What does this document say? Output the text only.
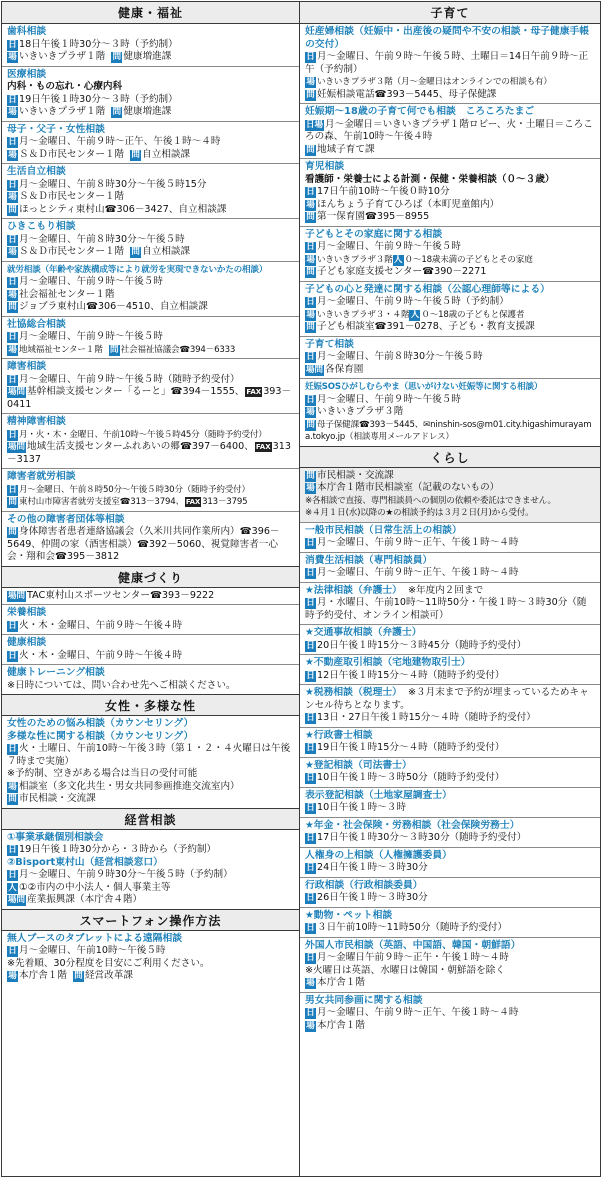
健康・福祉
歯科相談
日 18日午後１時30分～３時（予約制）
場 いきいきプラザ１階 問 健康増進課
医療相談
内科・もの忘れ・心療内科
日 19日午後１時30分～３時（予約制）
場 いきいきプラザ１階 問 健康増進課
母子・父子・女性相談
日 月～金曜日、午前９時～正午、午後１時～４時
場 Ｓ＆Ｄ市民センター１階 問 自立相談課
生活自立相談
日 月～金曜日、午前８時30分～午後５時15分
場 Ｓ＆Ｄ市民センター１階
問 ほっとシティ東村山☎306－3427、自立相談課
ひきこもり相談
日 月～金曜日、午前８時30分～午後５時
場 Ｓ＆Ｄ市民センター１階 問 自立相談課
就労相談（年齢や家族構成等により就労を実現できないかたの相談）
日 月～金曜日、午前９時～午後５時
場 社会福祉センター１階
問 ジョブラ東村山☎306－4510、自立相談課
社協総合相談
日 月～金曜日、午前９時～午後５時
場 地域福祉センター１階 問 社会福祉協議会☎394－6333
障害相談
日 月～金曜日、午前９時～午後５時（随時予約受付）
場問 基幹相談支援センター「るーと」☎394－1555、 FAX 393－0411
精神障害相談
日 月・火・木・金曜日、午前10時～午後５時45分（随時予約受付）
場問 地域生活支援センターふれあいの郷☎397－6400、 FAX 313－3137
障害者就労相談
日 月～金曜日、午前８時50分～午後５時30分（随時予約受付）
問 東村山市障害者就労支援室☎313－3794、 FAX 313－3795
その他の障害者団体等相談
問 身体障害者患者連絡協議会（久米川共同作業所内）☎396－5649、仲間の家（酒害相談）☎392－5060、視覚障害者一心会・翔和会☎395－3812
健康づくり
場問 TAC東村山スポーツセンター☎393－9222
栄養相談
日 火・木・金曜日、午前９時～午後４時
健康相談
日 火・木・金曜日、午前９時～午後４時
健康トレーニング相談
※日時については、問い合わせ先へご相談ください。
女性・多様な性
女性のための悩み相談（カウンセリング）
多様な性に関する相談（カウンセリング）
日 火・土曜日、午前10時～午後３時（第１・２・４火曜日は午後７時まで実施）
※予約制、空きがある場合は当日の受付可能
場 相談室（多文化共生・男女共同参画推進交流室内）
問 市民相談・交流課
経営相談
①事業承継個別相談会
日 19日午後１時30分から・３時から（予約制）
②Bisport東村山（経営相談窓口）
日 月～金曜日、午前９時30分～午後５時（予約制）
人 ①②市内の中小法人・個人事業主等
場問 産業振興課（本庁舎４階）
スマートフォン操作方法
無人ブースのタブレットによる遠隔相談
日 月～金曜日、午前10時～午後５時
※先着順、30分程度を目安にご利用ください。
場 本庁舎１階 問 経営改革課
子育て
妊産婦相談（妊娠中・出産後の疑問や不安の相談・母子健康手帳の交付）
日 月～金曜日、午前９時～午後５時、土曜日＝14日午前９時～正午（予約制）
場 いきいきプラザ３階（月～金曜日はオンラインでの相談も有）
問 妊娠相談電話☎393－5445、母子保健課
妊娠期～18歳の子育て何でも相談　ころころたまご
日場 月～金曜日＝いきいきプラザ１階ロビー、火・土曜日＝ころころの森、午前10時～午後４時
問 地域子育て課
育児相談
看護師・栄養士による計測・保健・栄養相談（０～３歳）
日 17日午前10時～午後０時10分
場 ほんちょう子育てひろば（本町児童館内）
問 第一保育園☎395－8955
子どもとその家庭に関する相談
日 月～金曜日、午前９時～午後５時
場 いきいきプラザ３階人 ０～18歳未満の子どもとその家庭
問 子ども家庭支援センター☎390－2271
子どもの心と発達に関する相談（公認心理師等による）
日 月～金曜日、午前９時～午後５時（予約制）
場 いきいきプラザ３・４階人 ０～18歳の子どもと保護者
問 子ども相談室☎391－0278、子ども・教育支援課
子育て相談
日 月～金曜日、午前８時30分～午後５時
場問 各保育園
妊娠SOSひがしむらやま（思いがけない妊娠等に関する相談）
日 月～金曜日、午前９時～午後５時
場 いきいきプラザ３階
問 母子保健課☎393－5445、✉ninshin-sos@m01.city.higashimurayama.tokyo.jp（相談専用メールアドレス）
くらし
問 市民相談・交流課
場 本庁舎１階市民相談室（記載のないもの）
※各相談で直接、専門相談員への個別の依頼や委託はできません。
※４月１日(水)以降の★の相談予約は３月２日(月)から受付。
一般市民相談（日常生活上の相談）
日 月～金曜日、午前９時～正午、午後１時～４時
消費生活相談（専門相談員）
日 月～金曜日、午前９時～正午、午後１時～４時
★法律相談（弁護士） ※年度内２回まで
日 月・水曜日、午前10時～11時50分・午後１時～３時30分（随時予約受付、オンライン相談可）
★交通事故相談（弁護士）
日 20日午後１時15分～３時45分（随時予約受付）
★不動産取引相談（宅地建物取引士）
日 12日午後１時15分～４時（随時予約受付）
★税務相談（税理士） ※３月末まで予約が埋まっているためキャンセル待ちとなります。
日 13日・27日午後１時15分～４時（随時予約受付）
★行政書士相談
日 19日午後１時15分～４時（随時予約受付）
★登記相談（司法書士）
日 10日午後１時～３時50分（随時予約受付）
表示登記相談（土地家屋調査士）
日 10日午後１時～３時
★年金・社会保険・労務相談（社会保険労務士）
日 17日午後１時30分～３時30分（随時予約受付）
人権身の上相談（人権擁護委員）
日 24日午後１時～３時30分
行政相談（行政相談委員）
日 26日午後１時～３時30分
★動物・ペット相談
日 ３日午前10時～11時50分（随時予約受付）
外国人市民相談（英語、中国語、韓国・朝鮮語）
日 月～金曜日午前９時～正午・午後１時～４時
※火曜日は英語、水曜日は韓国・朝鮮語を除く
場 本庁舎１階
男女共同参画に関する相談
日 月～金曜日、午前９時～正午、午後１時～４時
場 本庁舎１階
